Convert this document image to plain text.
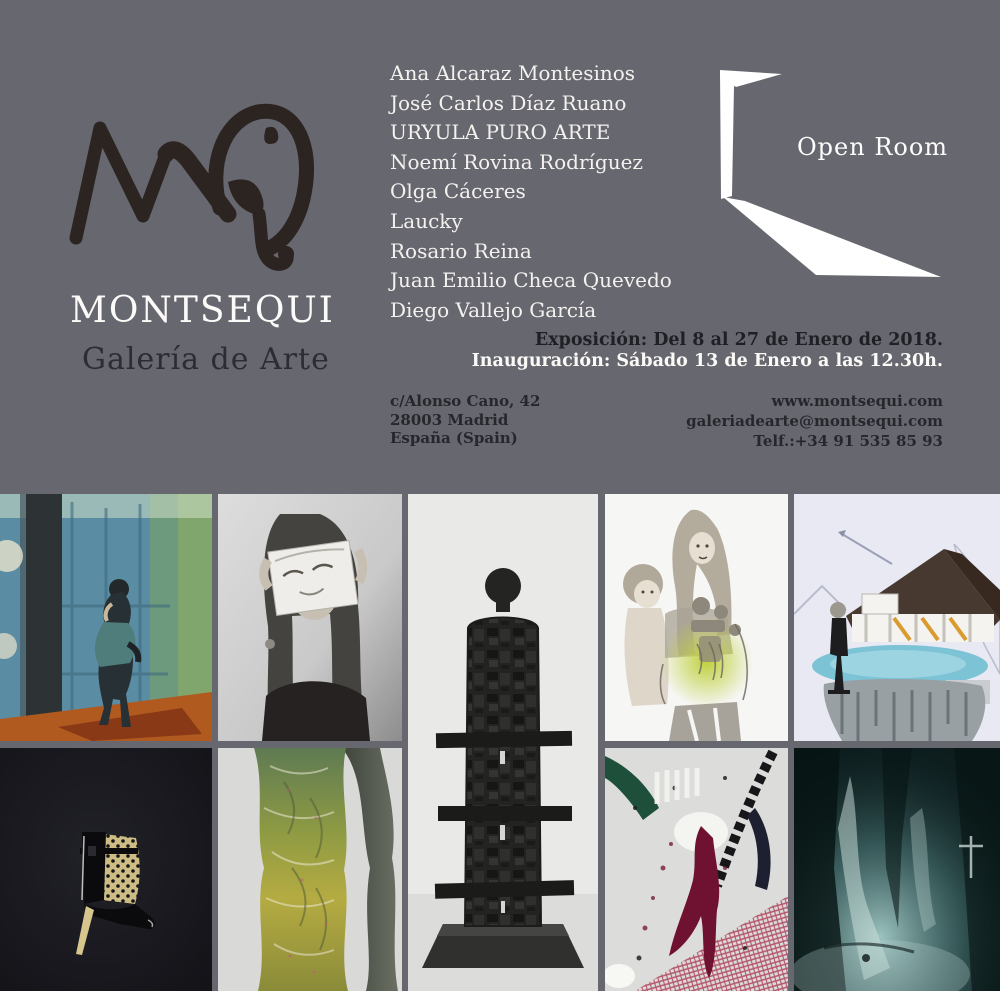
MONTSEQUI
Galería de Arte
Ana Alcaraz Montesinos
José Carlos Díaz Ruano
URYULA PURO ARTE
Noemí Rovina Rodríguez
Olga Cáceres
Laucky
Rosario Reina
Juan Emilio Checa Quevedo
Diego Vallejo García
Open Room
Exposición: Del 8 al 27 de Enero de 2018.
Inauguración: Sábado 13 de Enero a las 12.30h.
c/Alonso Cano, 42
28003 Madrid
España (Spain)
www.montsequi.com
galeriadearte@montsequi.com
Telf.:+34 91 535 85 93
